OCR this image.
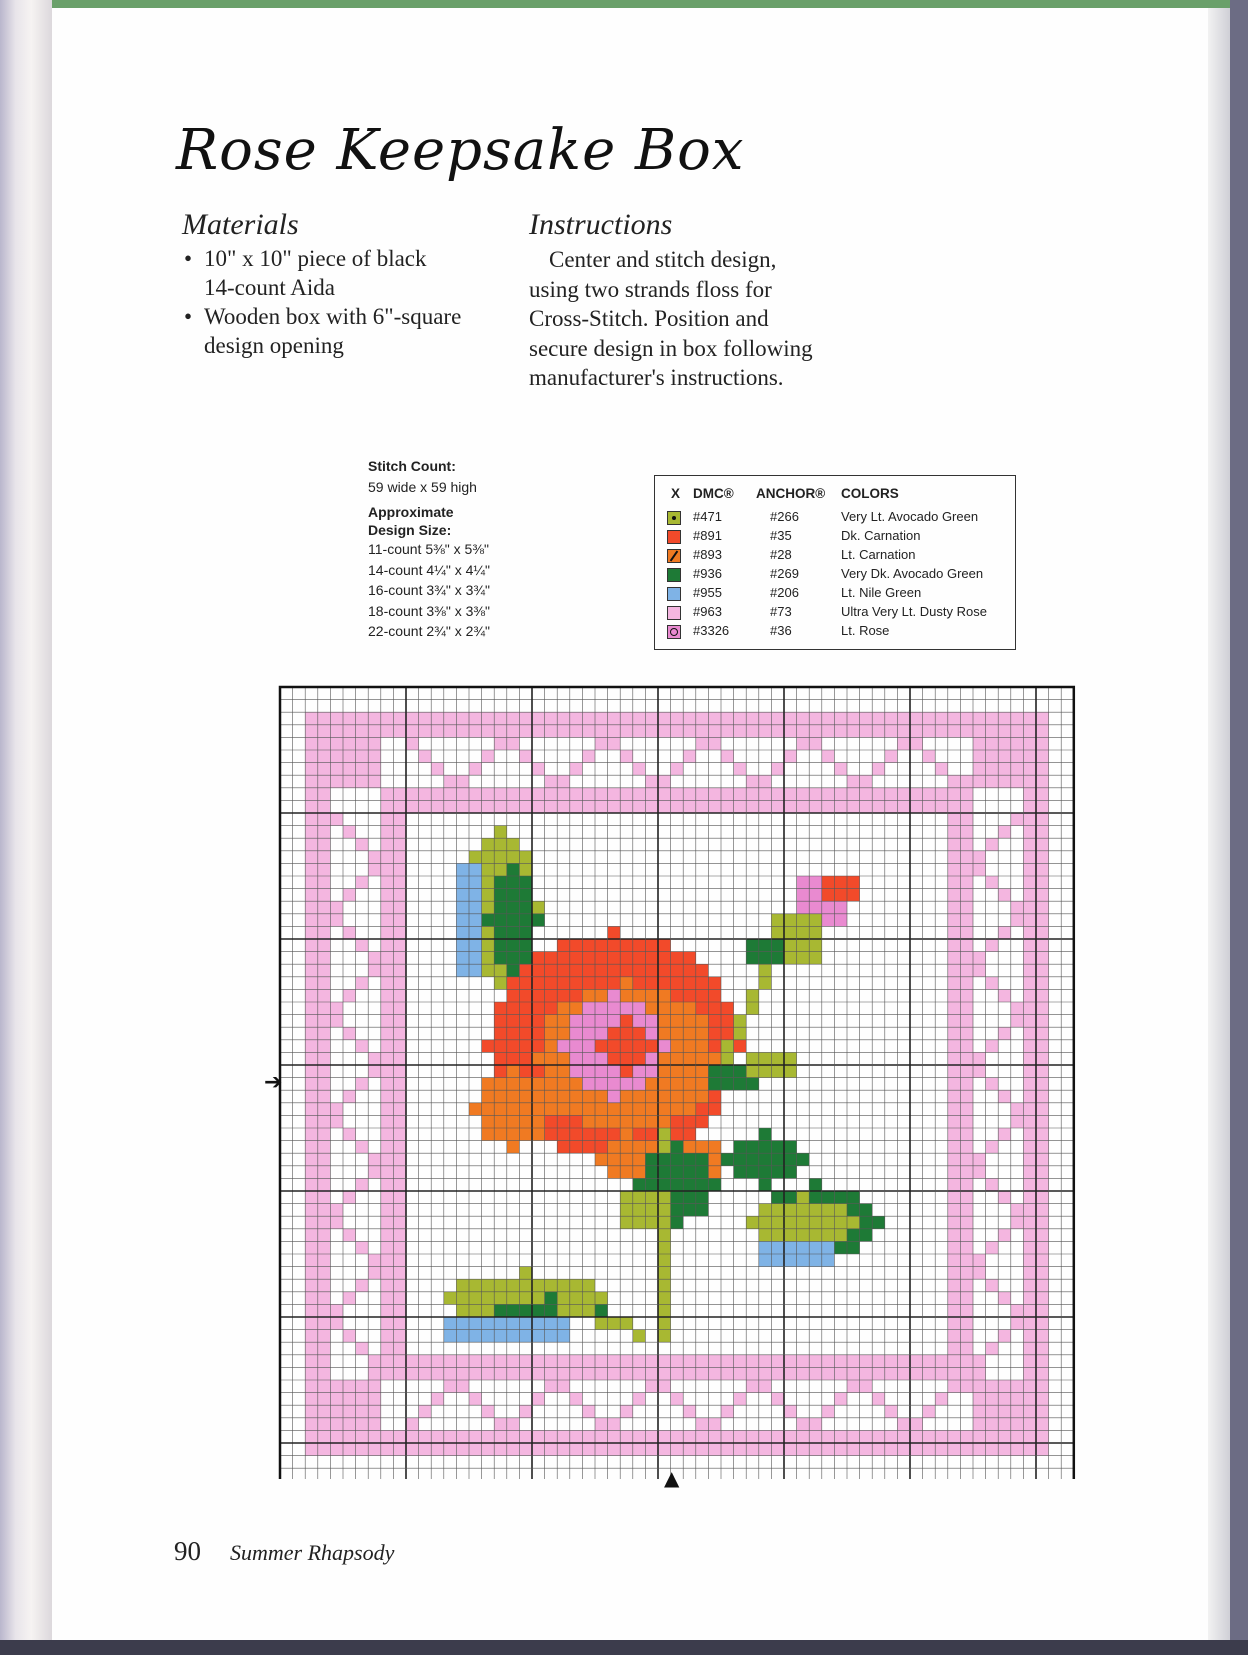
Rose Keepsake Box
Materials
• 10" x 10" piece of black
14-count Aida
• Wooden box with 6"-square
design opening
Instructions
Center and stitch design,
using two strands floss for
Cross-Stitch. Position and
secure design in box following
manufacturer's instructions.
Stitch Count:
59 wide x 59 high
Approximate
Design Size:
11-count 5⅜" x 5⅜"
14-count 4¼" x 4¼"
16-count 3¾" x 3¾"
18-count 3⅜" x 3⅜"
22-count 2¾" x 2¾"
X DMC® ANCHOR® COLORS
#471	#266	Very Lt. Avocado Green
#891	#35	Dk. Carnation
#893	#28	Lt. Carnation
#936	#269	Very Dk. Avocado Green
#955	#206	Lt. Nile Green
#963	#73	Ultra Very Lt. Dusty Rose
#3326	#36	Lt. Rose
➔
▲
90 Summer Rhapsody
